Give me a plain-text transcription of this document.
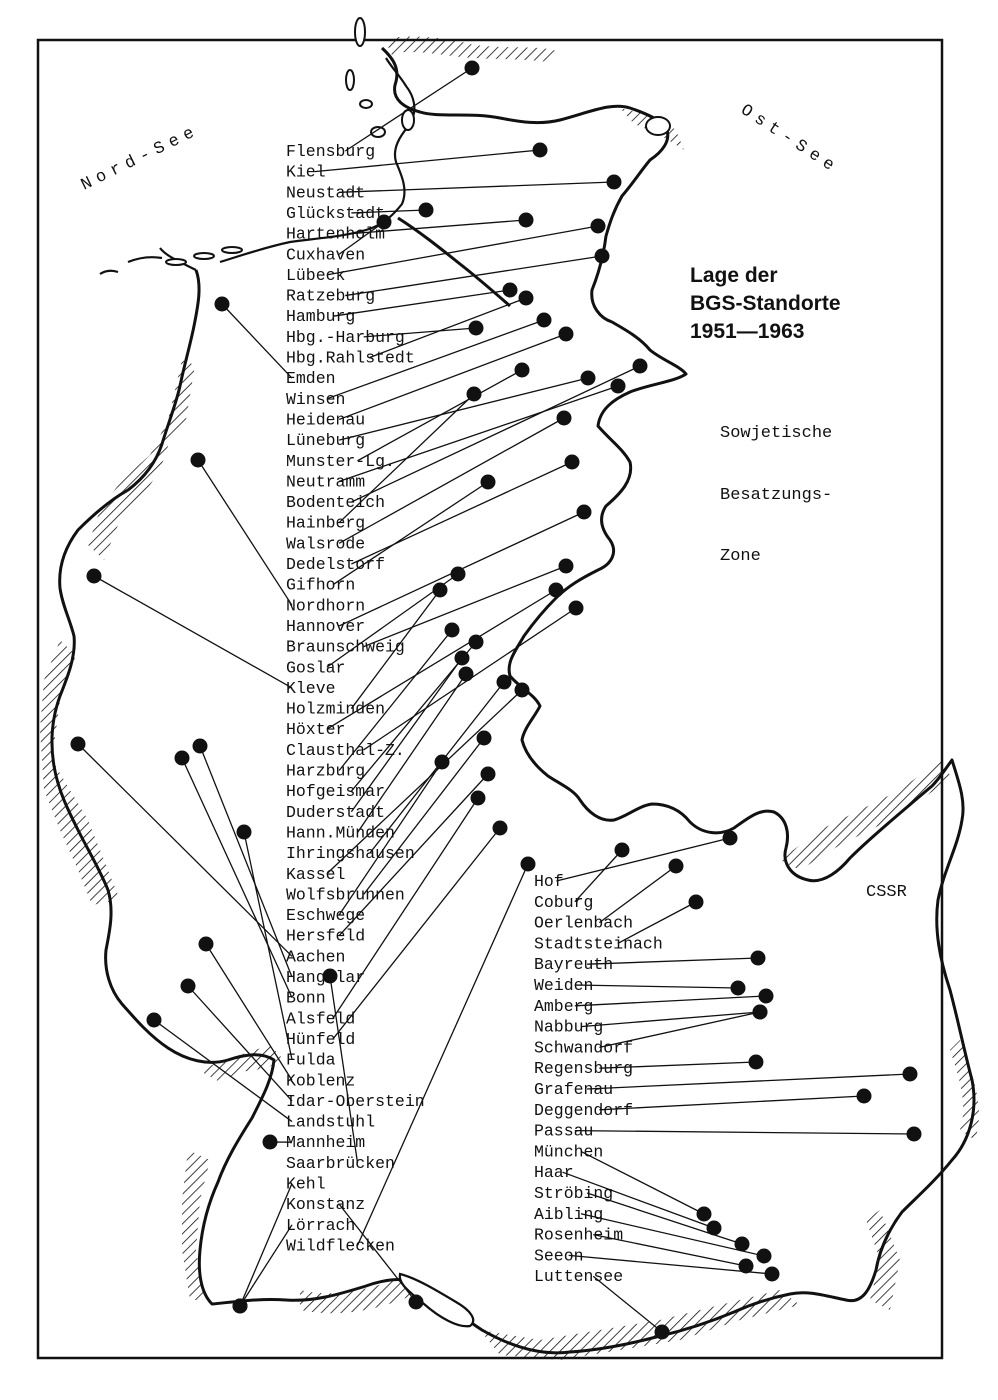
Flensburg
Kiel
Neustadt
Glückstadt
Hartenholm
Cuxhaven
Lübeck
Ratzeburg
Hamburg
Hbg.-Harburg
Hbg.Rahlstedt
Emden
Winsen
Heidenau
Lüneburg
Munster-Lg.
Neutramm
Bodenteich
Hainberg
Walsrode
Dedelstorf
Gifhorn
Nordhorn
Hannover
Braunschweig
Goslar
Kleve
Holzminden
Höxter
Clausthal-Z.
Harzburg
Hofgeismar
Duderstadt
Hann.Münden
Ihringshausen
Kassel
Wolfsbrunnen
Eschwege
Hersfeld
Aachen
Hangelar
Bonn
Alsfeld
Hünfeld
Fulda
Koblenz
Idar-Oberstein
Landstuhl
Mannheim
Saarbrücken
Kehl
Konstanz
Lörrach
Wildflecken
Hof
Coburg
Oerlenbach
Stadtsteinach
Bayreuth
Weiden
Amberg
Nabburg
Schwandorf
Regensburg
Grafenau
Deggendorf
Passau
München
Haar
Ströbing
Aibling
Rosenheim
Seeon
Luttensee
Nord-See	Ost-See
Lage der
BGS-Standorte
1951—1963
Sowjetische
Besatzungs-
Zone
CSSR
